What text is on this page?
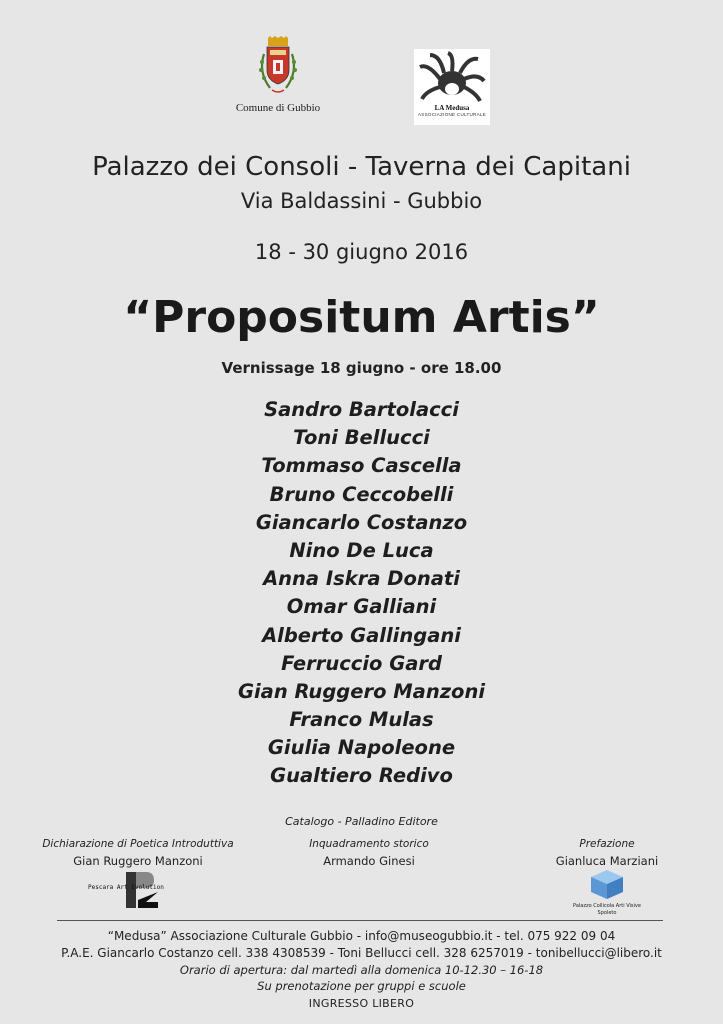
Comune di Gubbio	LA Medusa
ASSOCIAZIONE CULTURALE
Palazzo dei Consoli - Taverna dei Capitani
Via Baldassini - Gubbio
18 - 30 giugno 2016
“Propositum Artis”
Vernissage 18 giugno - ore 18.00
Sandro Bartolacci
Toni Bellucci
Tommaso Cascella
Bruno Ceccobelli
Giancarlo Costanzo
Nino De Luca
Anna Iskra Donati
Omar Galliani
Alberto Gallingani
Ferruccio Gard
Gian Ruggero Manzoni
Franco Mulas
Giulia Napoleone
Gualtiero Redivo
Catalogo - Palladino Editore
Dichiarazione di Poetica Introduttiva
Gian Ruggero Manzoni
Inquadramento storico
Armando Ginesi
Prefazione
Gianluca Marziani
Pescara Art Evolution
Palazzo Collicola Arti Visive
Spoleto
“Medusa” Associazione Culturale Gubbio - info@museogubbio.it - tel. 075 922 09 04
P.A.E. Giancarlo Costanzo cell. 338 4308539 - Toni Bellucci cell. 328 6257019 - tonibellucci@libero.it
Orario di apertura: dal martedì alla domenica 10-12.30 – 16-18
Su prenotazione per gruppi e scuole
INGRESSO LIBERO
